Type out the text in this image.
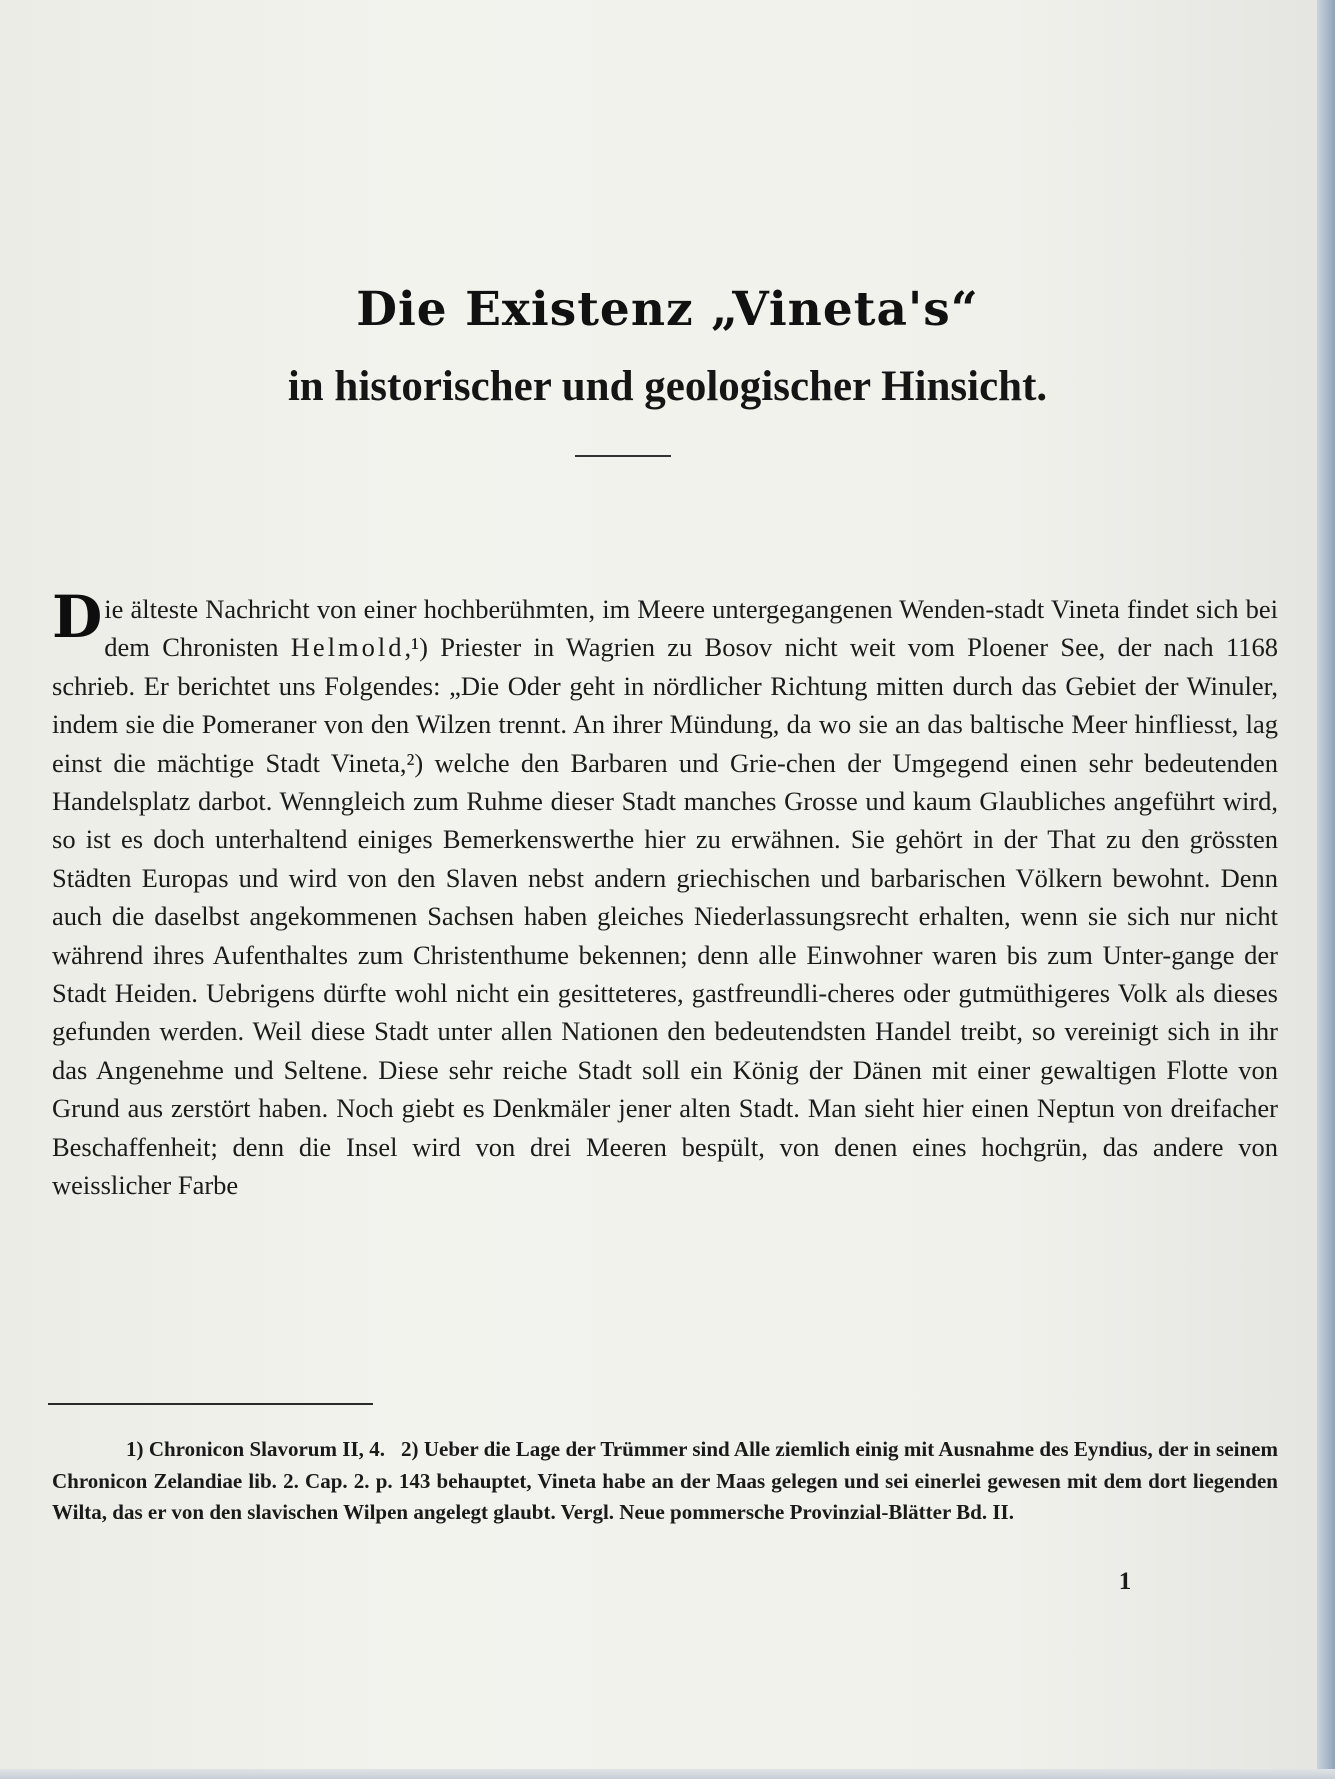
Die Existenz „Vineta's“
in historischer und geologischer Hinsicht.
Die älteste Nachricht von einer hochberühmten, im Meere untergegangenen Wenden-stadt Vineta findet sich bei dem Chronisten Helmold,¹) Priester in Wagrien zu Bosov nicht weit vom Ploener See, der nach 1168 schrieb. Er berichtet uns Folgendes: „Die Oder geht in nördlicher Richtung mitten durch das Gebiet der Winuler, indem sie die Pomeraner von den Wilzen trennt. An ihrer Mündung, da wo sie an das baltische Meer hinfliesst, lag einst die mächtige Stadt Vineta,²) welche den Barbaren und Grie-chen der Umgegend einen sehr bedeutenden Handelsplatz darbot. Wenngleich zum Ruhme dieser Stadt manches Grosse und kaum Glaubliches angeführt wird, so ist es doch unterhaltend einiges Bemerkenswerthe hier zu erwähnen. Sie gehört in der That zu den grössten Städten Europas und wird von den Slaven nebst andern griechischen und barbarischen Völkern bewohnt. Denn auch die daselbst angekommenen Sachsen haben gleiches Niederlassungsrecht erhalten, wenn sie sich nur nicht während ihres Aufenthaltes zum Christenthume bekennen; denn alle Einwohner waren bis zum Unter-gange der Stadt Heiden. Uebrigens dürfte wohl nicht ein gesitteteres, gastfreundli-cheres oder gutmüthigeres Volk als dieses gefunden werden. Weil diese Stadt unter allen Nationen den bedeutendsten Handel treibt, so vereinigt sich in ihr das Angenehme und Seltene. Diese sehr reiche Stadt soll ein König der Dänen mit einer gewaltigen Flotte von Grund aus zerstört haben. Noch giebt es Denkmäler jener alten Stadt. Man sieht hier einen Neptun von dreifacher Beschaffenheit; denn die Insel wird von drei Meeren bespült, von denen eines hochgrün, das andere von weisslicher Farbe
1) Chronicon Slavorum II, 4. 2) Ueber die Lage der Trümmer sind Alle ziemlich einig mit Ausnahme des Eyndius, der in seinem Chronicon Zelandiae lib. 2. Cap. 2. p. 143 behauptet, Vineta habe an der Maas gelegen und sei einerlei gewesen mit dem dort liegenden Wilta, das er von den slavischen Wilpen angelegt glaubt. Vergl. Neue pommersche Provinzial-Blätter Bd. II.
1
